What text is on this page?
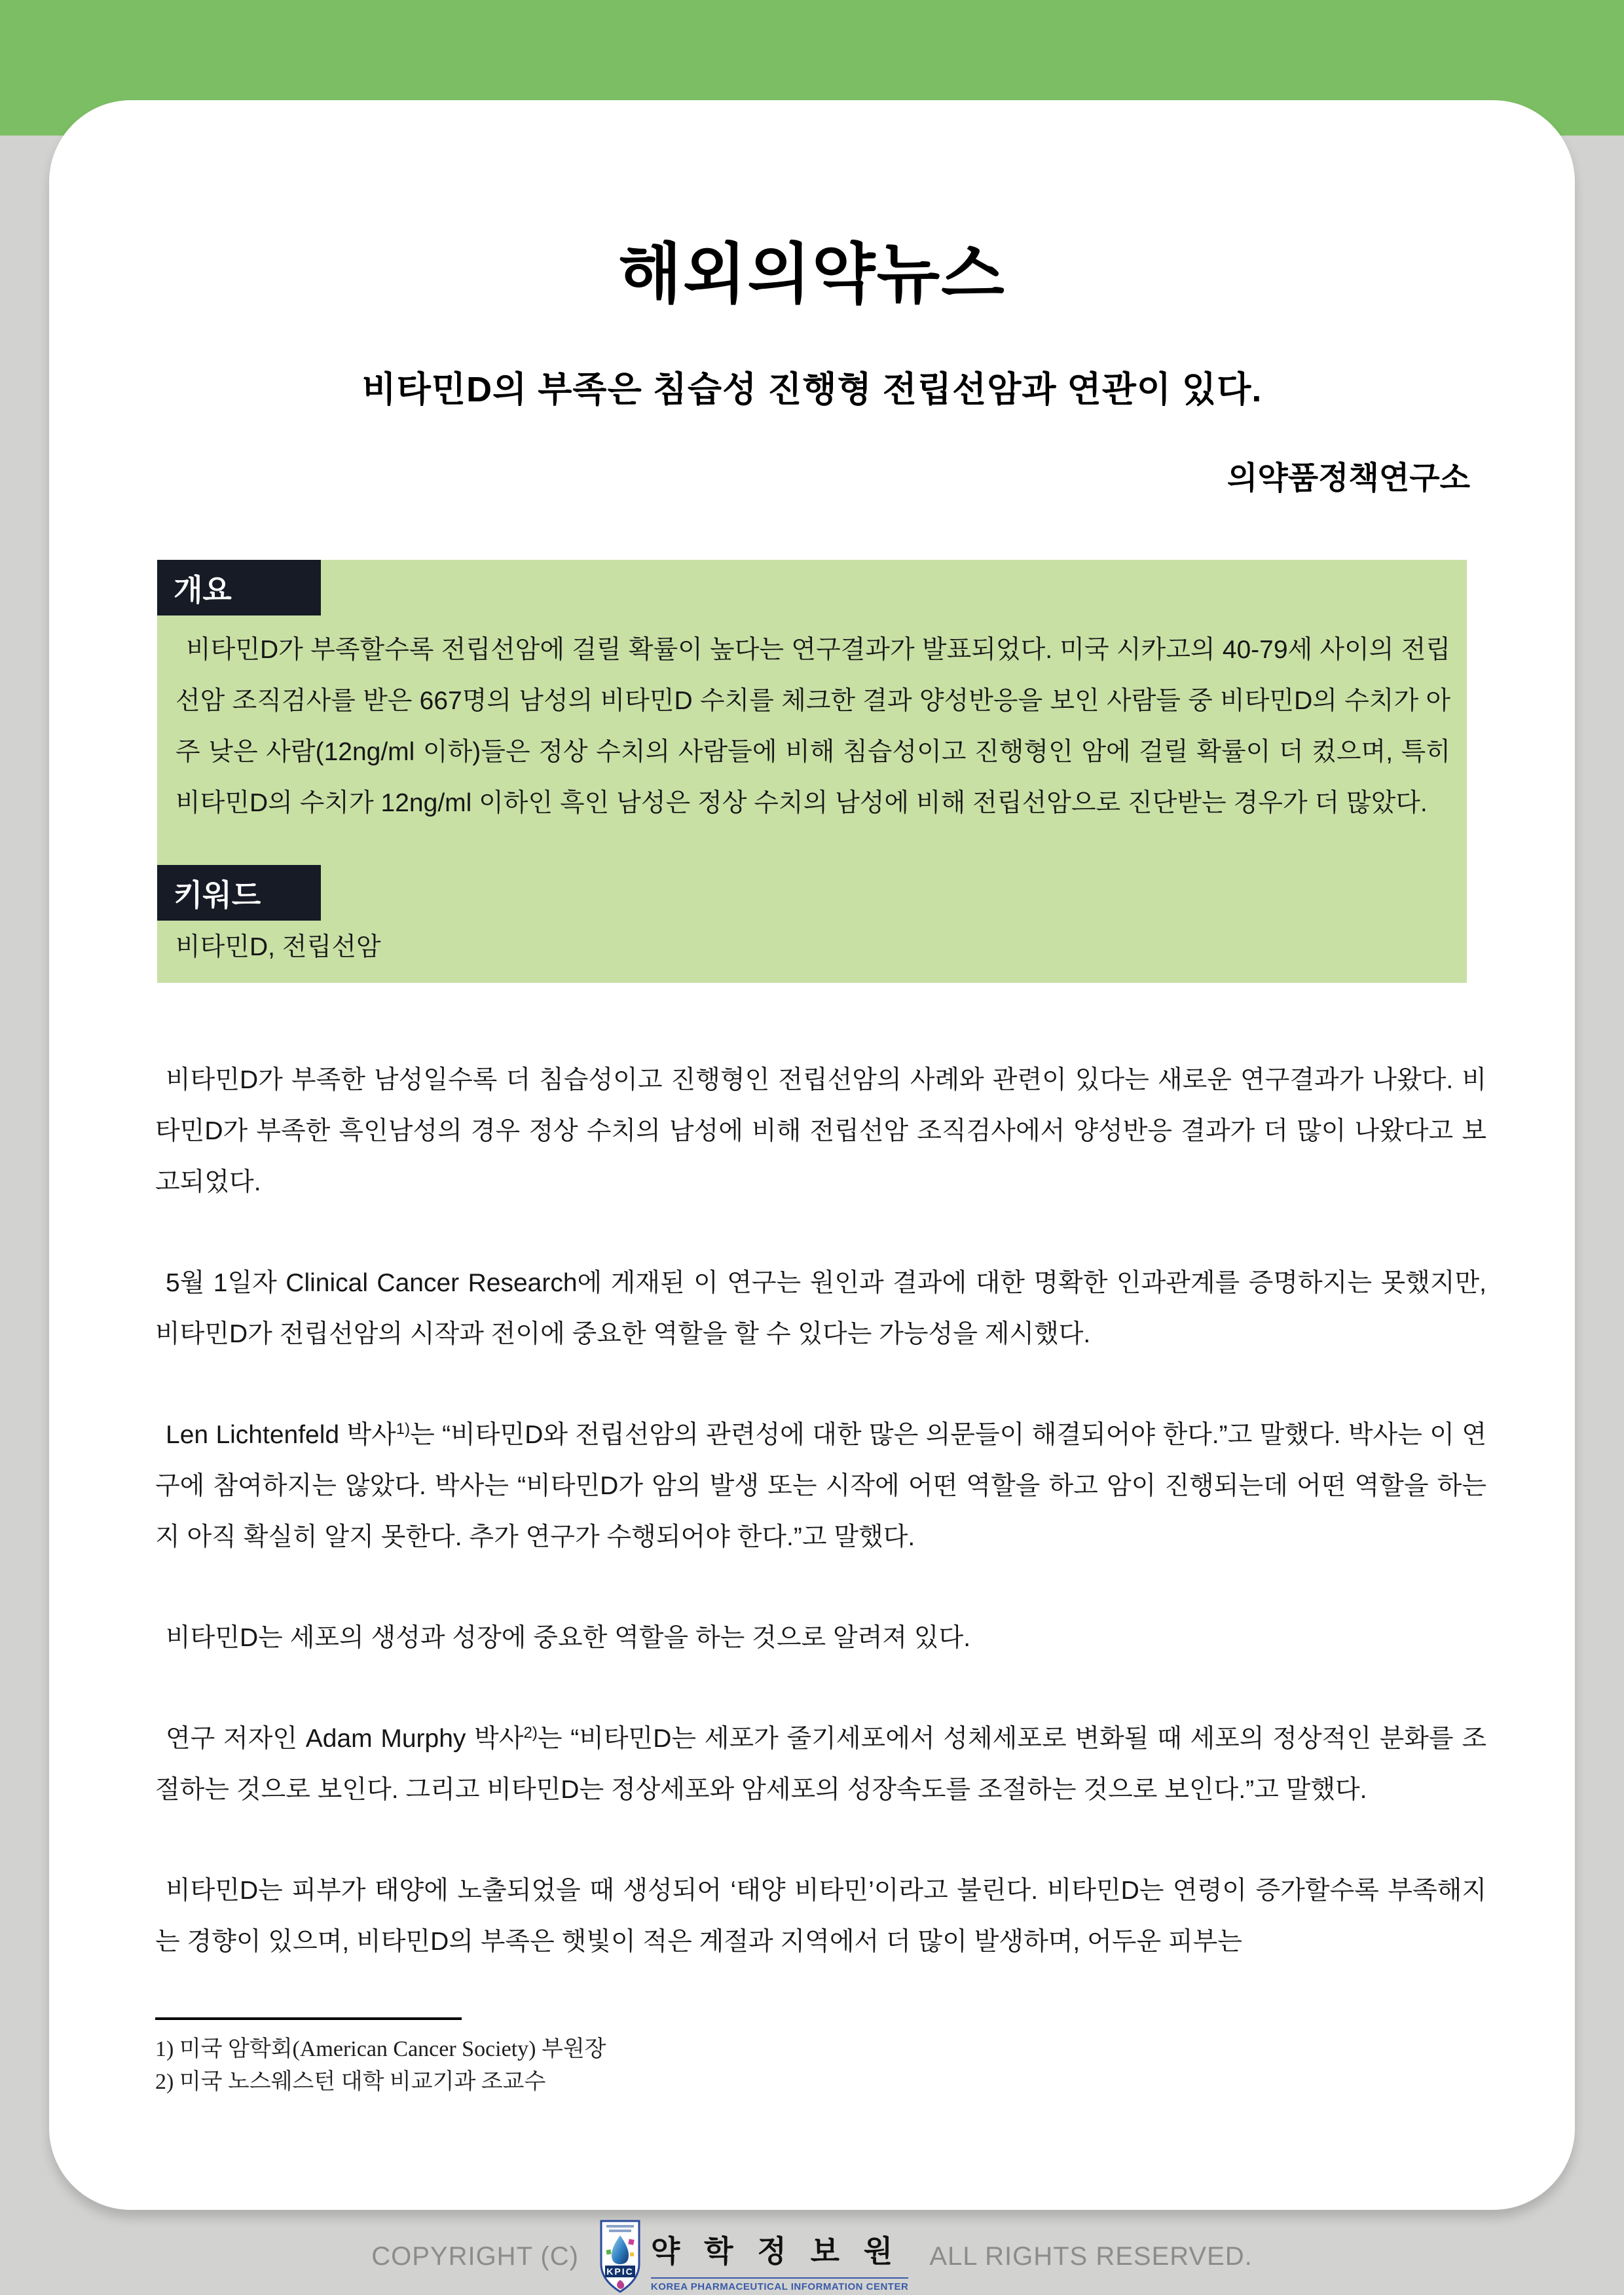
해외의약뉴스
비타민D의 부족은 침습성 진행형 전립선암과 연관이 있다.
의약품정책연구소
개요
비타민D가 부족할수록 전립선암에 걸릴 확률이 높다는 연구결과가 발표되었다. 미국 시카고의 40-79세 사이의 전립선암 조직검사를 받은 667명의 남성의 비타민D 수치를 체크한 결과 양성반응을 보인 사람들 중 비타민D의 수치가 아주 낮은 사람(12ng/ml 이하)들은 정상 수치의 사람들에 비해 침습성이고 진행형인 암에 걸릴 확률이 더 컸으며, 특히 비타민D의 수치가 12ng/ml 이하인 흑인 남성은 정상 수치의 남성에 비해 전립선암으로 진단받는 경우가 더 많았다.
키워드
비타민D, 전립선암

비타민D가 부족한 남성일수록 더 침습성이고 진행형인 전립선암의 사례와 관련이 있다는 새로운 연구결과가 나왔다. 비타민D가 부족한 흑인남성의 경우 정상 수치의 남성에 비해 전립선암 조직검사에서 양성반응 결과가 더 많이 나왔다고 보고되었다.

5월 1일자 Clinical Cancer Research에 게재된 이 연구는 원인과 결과에 대한 명확한 인과관계를 증명하지는 못했지만, 비타민D가 전립선암의 시작과 전이에 중요한 역할을 할 수 있다는 가능성을 제시했다.

Len Lichtenfeld 박사$^{1)}$는 “비타민D와 전립선암의 관련성에 대한 많은 의문들이 해결되어야 한다.”고 말했다. 박사는 이 연구에 참여하지는 않았다. 박사는 “비타민D가 암의 발생 또는 시작에 어떤 역할을 하고 암이 진행되는데 어떤 역할을 하는지 아직 확실히 알지 못한다. 추가 연구가 수행되어야 한다.”고 말했다.

비타민D는 세포의 생성과 성장에 중요한 역할을 하는 것으로 알려져 있다.

연구 저자인 Adam Murphy 박사$^{2)}$는 “비타민D는 세포가 줄기세포에서 성체세포로 변화될 때 세포의 정상적인 분화를 조절하는 것으로 보인다. 그리고 비타민D는 정상세포와 암세포의 성장속도를 조절하는 것으로 보인다.”고 말했다.

비타민D는 피부가 태양에 노출되었을 때 생성되어 ‘태양 비타민’이라고 불린다. 비타민D는 연령이 증가할수록 부족해지는 경향이 있으며, 비타민D의 부족은 햇빛이 적은 계절과 지역에서 더 많이 발생하며, 어두운 피부는

1) 미국 암학회(American Cancer Society) 부원장
2) 미국 노스웨스턴 대학 비교기과 조교수
COPYRIGHT (C)
KPIC
약 학 정 보 원
KOREA PHARMACEUTICAL INFORMATION CENTER
ALL RIGHTS RESERVED.
